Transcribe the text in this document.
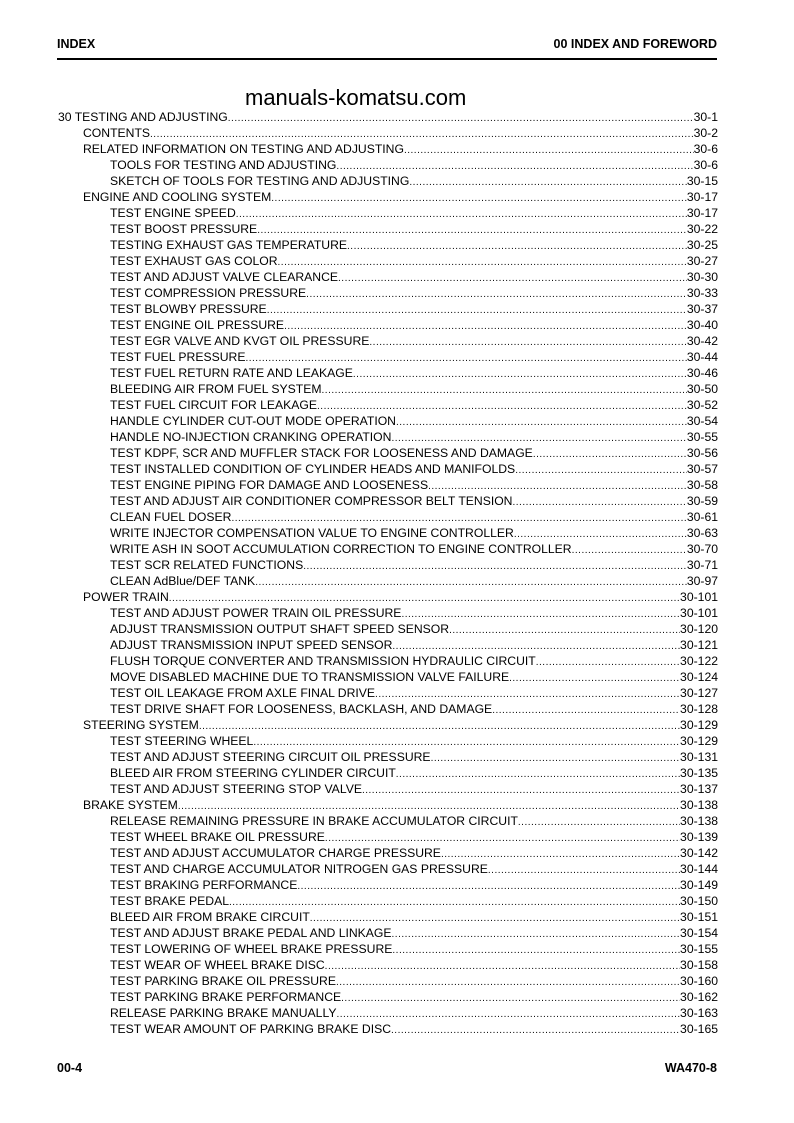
INDEX	00 INDEX AND FOREWORD
manuals-komatsu.com
30 TESTING AND ADJUSTING .....	30-1
CONTENTS .....	30-2
RELATED INFORMATION ON TESTING AND ADJUSTING .....	30-6
TOOLS FOR TESTING AND ADJUSTING .....	30-6
SKETCH OF TOOLS FOR TESTING AND ADJUSTING .....	30-15
ENGINE AND COOLING SYSTEM .....	30-17
TEST ENGINE SPEED .....	30-17
TEST BOOST PRESSURE .....	30-22
TESTING EXHAUST GAS TEMPERATURE .....	30-25
TEST EXHAUST GAS COLOR .....	30-27
TEST AND ADJUST VALVE CLEARANCE .....	30-30
TEST COMPRESSION PRESSURE .....	30-33
TEST BLOWBY PRESSURE .....	30-37
TEST ENGINE OIL PRESSURE .....	30-40
TEST EGR VALVE AND KVGT OIL PRESSURE .....	30-42
TEST FUEL PRESSURE .....	30-44
TEST FUEL RETURN RATE AND LEAKAGE .....	30-46
BLEEDING AIR FROM FUEL SYSTEM .....	30-50
TEST FUEL CIRCUIT FOR LEAKAGE .....	30-52
HANDLE CYLINDER CUT-OUT MODE OPERATION .....	30-54
HANDLE NO-INJECTION CRANKING OPERATION .....	30-55
TEST KDPF, SCR AND MUFFLER STACK FOR LOOSENESS AND DAMAGE .....	30-56
TEST INSTALLED CONDITION OF CYLINDER HEADS AND MANIFOLDS .....	30-57
TEST ENGINE PIPING FOR DAMAGE AND LOOSENESS .....	30-58
TEST AND ADJUST AIR CONDITIONER COMPRESSOR BELT TENSION .....	30-59
CLEAN FUEL DOSER .....	30-61
WRITE INJECTOR COMPENSATION VALUE TO ENGINE CONTROLLER .....	30-63
WRITE ASH IN SOOT ACCUMULATION CORRECTION TO ENGINE CONTROLLER .....	30-70
TEST SCR RELATED FUNCTIONS .....	30-71
CLEAN AdBlue/DEF TANK .....	30-97
POWER TRAIN .....	30-101
TEST AND ADJUST POWER TRAIN OIL PRESSURE .....	30-101
ADJUST TRANSMISSION OUTPUT SHAFT SPEED SENSOR .....	30-120
ADJUST TRANSMISSION INPUT SPEED SENSOR .....	30-121
FLUSH TORQUE CONVERTER AND TRANSMISSION HYDRAULIC CIRCUIT .....	30-122
MOVE DISABLED MACHINE DUE TO TRANSMISSION VALVE FAILURE .....	30-124
TEST OIL LEAKAGE FROM AXLE FINAL DRIVE .....	30-127
TEST DRIVE SHAFT FOR LOOSENESS, BACKLASH, AND DAMAGE .....	30-128
STEERING SYSTEM .....	30-129
TEST STEERING WHEEL .....	30-129
TEST AND ADJUST STEERING CIRCUIT OIL PRESSURE .....	30-131
BLEED AIR FROM STEERING CYLINDER CIRCUIT .....	30-135
TEST AND ADJUST STEERING STOP VALVE .....	30-137
BRAKE SYSTEM .....	30-138
RELEASE REMAINING PRESSURE IN BRAKE ACCUMULATOR CIRCUIT .....	30-138
TEST WHEEL BRAKE OIL PRESSURE .....	30-139
TEST AND ADJUST ACCUMULATOR CHARGE PRESSURE .....	30-142
TEST AND CHARGE ACCUMULATOR NITROGEN GAS PRESSURE .....	30-144
TEST BRAKING PERFORMANCE .....	30-149
TEST BRAKE PEDAL .....	30-150
BLEED AIR FROM BRAKE CIRCUIT .....	30-151
TEST AND ADJUST BRAKE PEDAL AND LINKAGE .....	30-154
TEST LOWERING OF WHEEL BRAKE PRESSURE .....	30-155
TEST WEAR OF WHEEL BRAKE DISC .....	30-158
TEST PARKING BRAKE OIL PRESSURE .....	30-160
TEST PARKING BRAKE PERFORMANCE .....	30-162
RELEASE PARKING BRAKE MANUALLY .....	30-163
TEST WEAR AMOUNT OF PARKING BRAKE DISC .....	30-165
00-4	WA470-8
